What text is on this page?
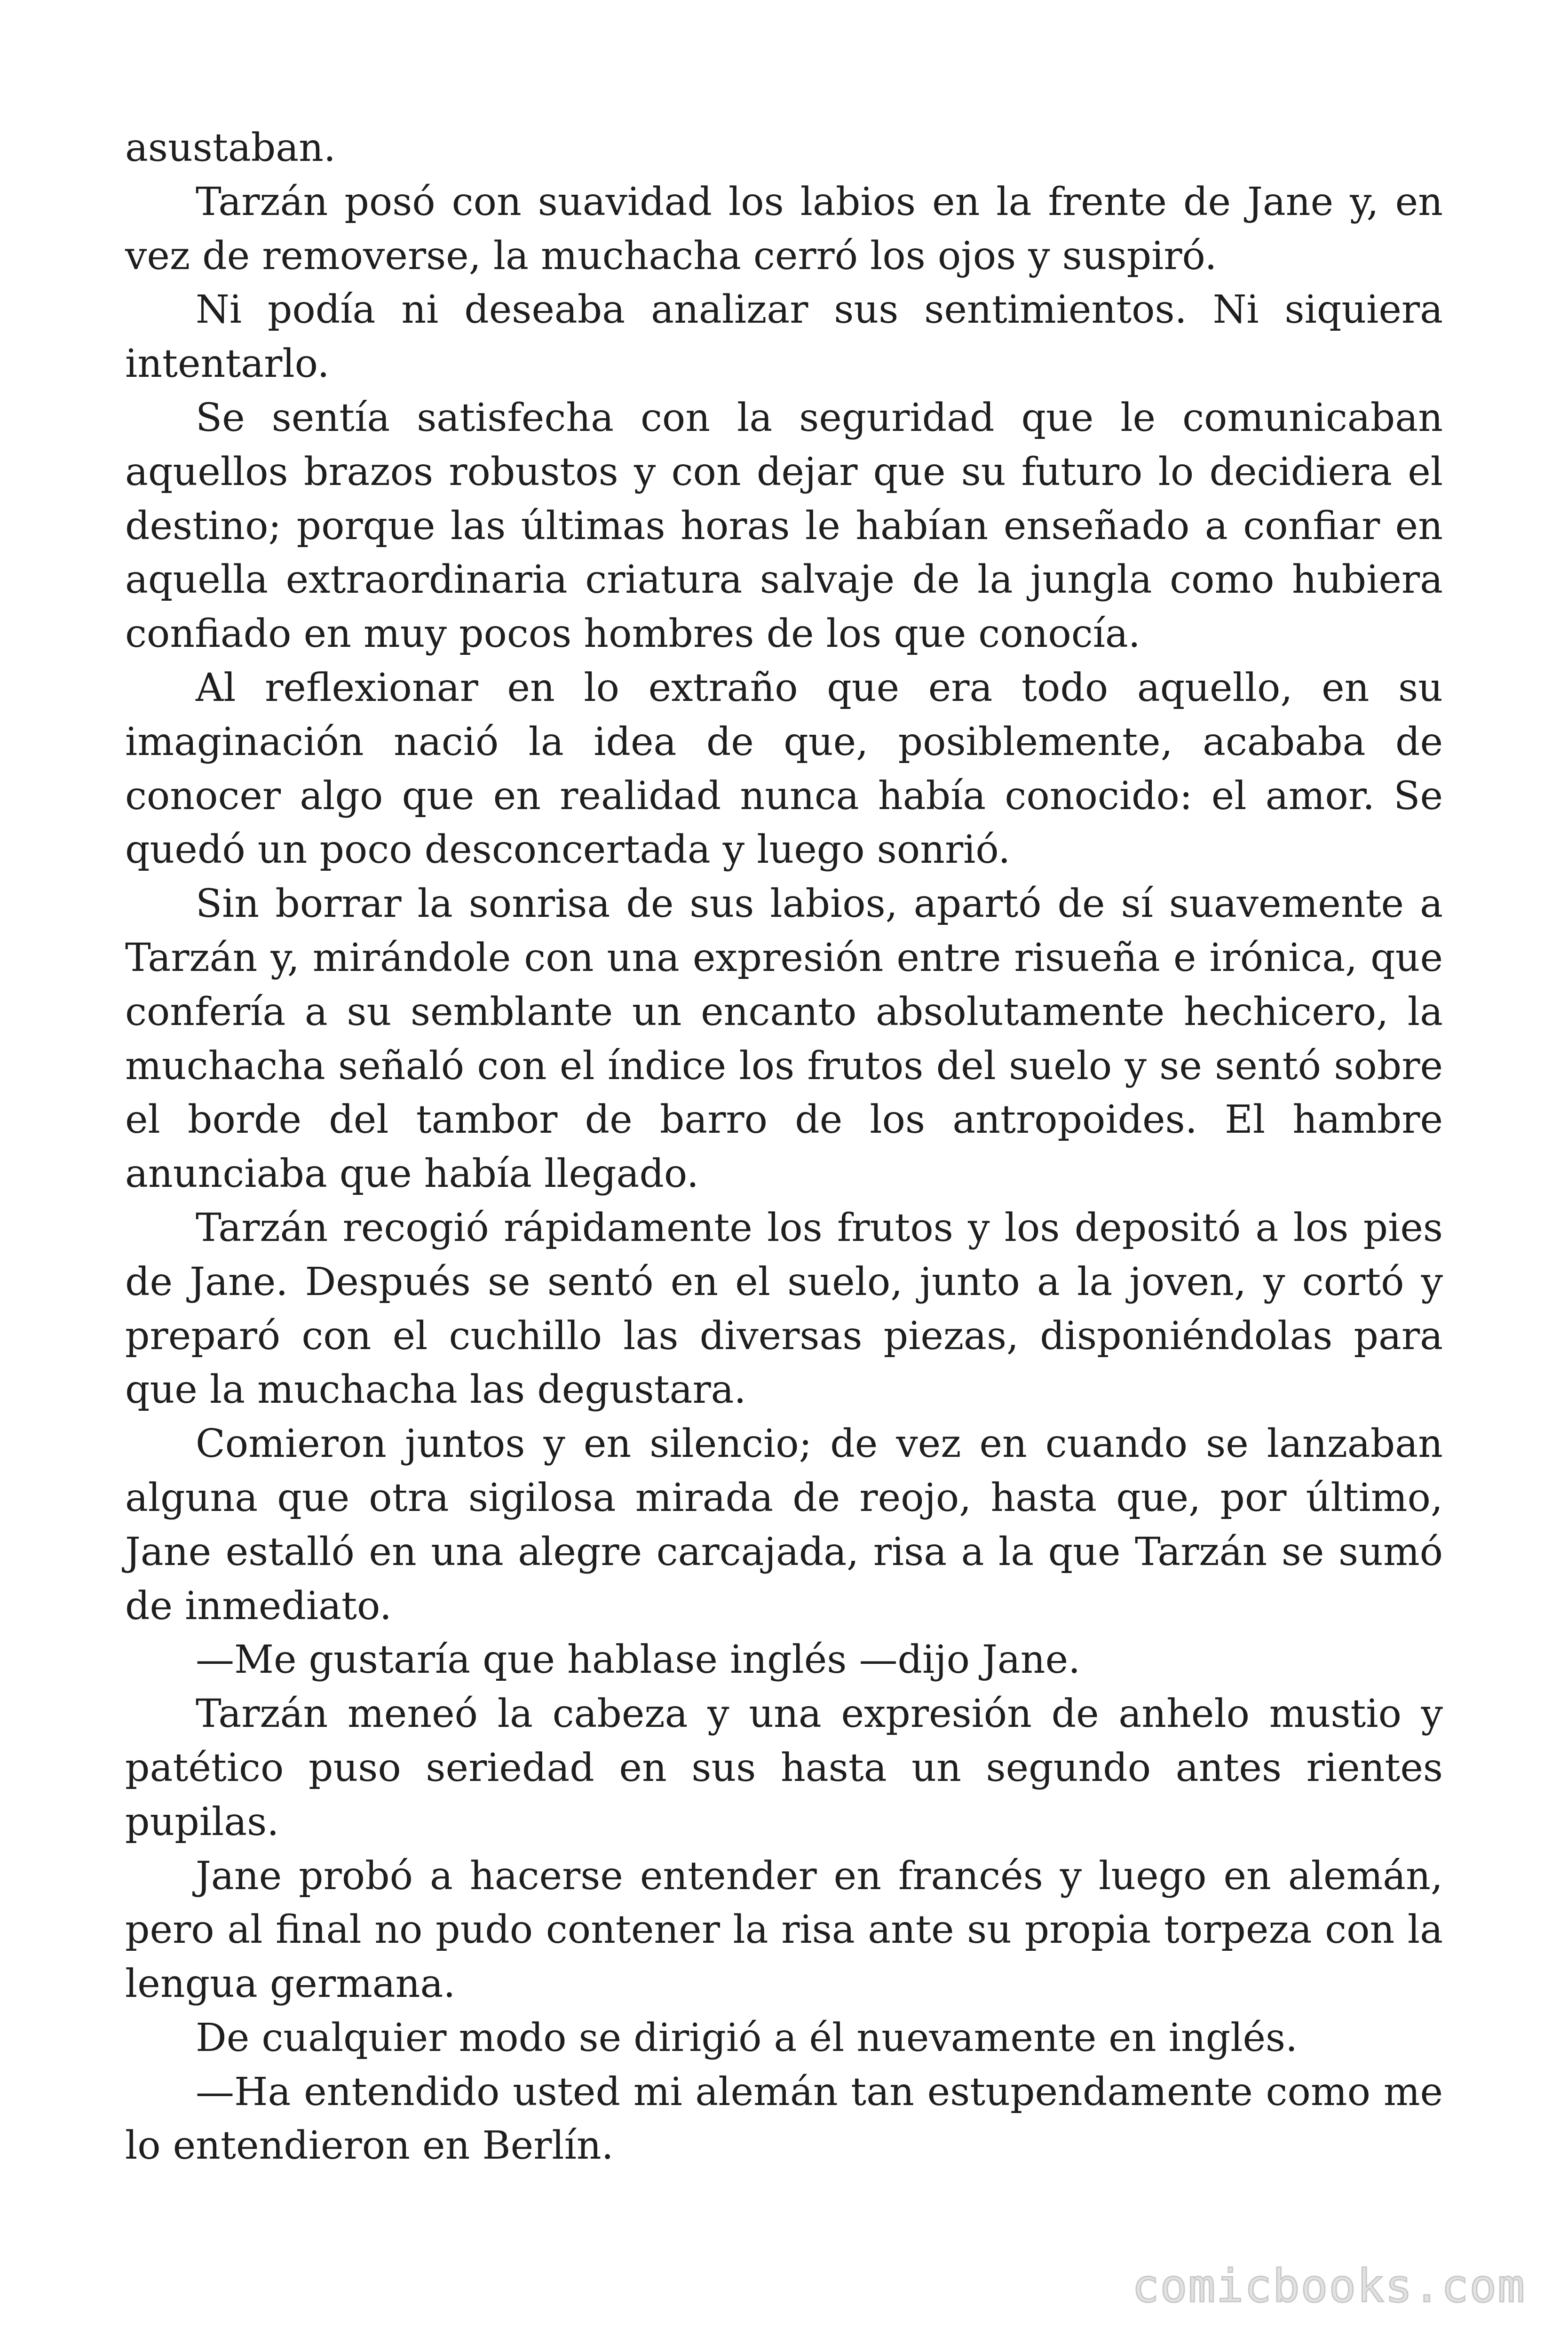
asustaban.

Tarzán posó con suavidad los labios en la frente de Jane y, en vez de removerse, la muchacha cerró los ojos y suspiró.

Ni podía ni deseaba analizar sus sentimientos. Ni siquiera intentarlo.

Se sentía satisfecha con la seguridad que le comunicaban aquellos brazos robustos y con dejar que su futuro lo decidiera el destino; porque las últimas horas le habían enseñado a confiar en aquella extraordinaria criatura salvaje de la jungla como hubiera confiado en muy pocos hombres de los que conocía.

Al reflexionar en lo extraño que era todo aquello, en su imaginación nació la idea de que, posiblemente, acababa de conocer algo que en realidad nunca había conocido: el amor. Se quedó un poco desconcertada y luego sonrió.

Sin borrar la sonrisa de sus labios, apartó de sí suavemente a Tarzán y, mirándole con una expresión entre risueña e irónica, que confería a su semblante un encanto absolutamente hechicero, la muchacha señaló con el índice los frutos del suelo y se sentó sobre el borde del tambor de barro de los antropoides. El hambre anunciaba que había llegado.

Tarzán recogió rápidamente los frutos y los depositó a los pies de Jane. Después se sentó en el suelo, junto a la joven, y cortó y preparó con el cuchillo las diversas piezas, disponiéndolas para que la muchacha las degustara.

Comieron juntos y en silencio; de vez en cuando se lanzaban alguna que otra sigilosa mirada de reojo, hasta que, por último, Jane estalló en una alegre carcajada, risa a la que Tarzán se sumó de inmediato.

—Me gustaría que hablase inglés —dijo Jane.

Tarzán meneó la cabeza y una expresión de anhelo mustio y patético puso seriedad en sus hasta un segundo antes rientes pupilas.

Jane probó a hacerse entender en francés y luego en alemán, pero al final no pudo contener la risa ante su propia torpeza con la lengua germana.

De cualquier modo se dirigió a él nuevamente en inglés.

—Ha entendido usted mi alemán tan estupendamente como me lo entendieron en Berlín.

comicbooks.com
